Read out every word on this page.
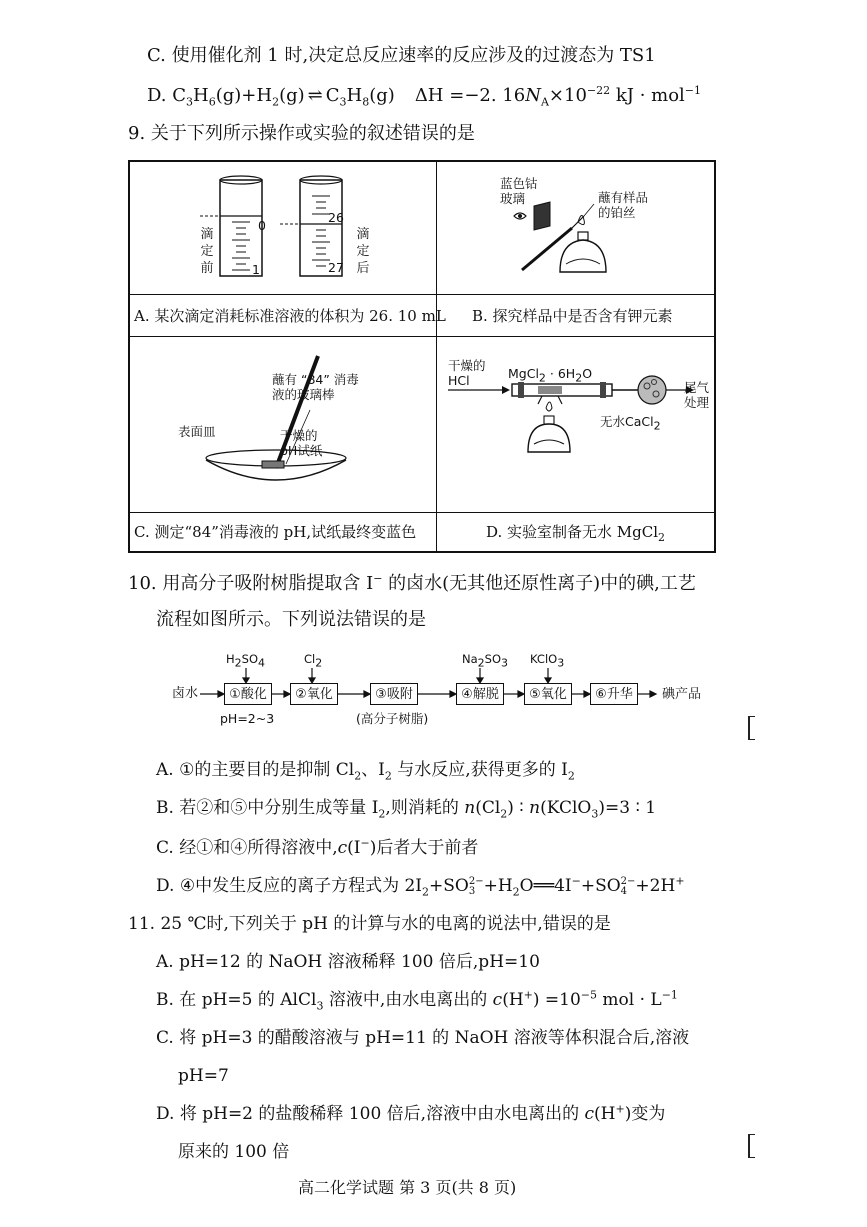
C. 使用催化剂 1 时,决定总反应速率的反应涉及的过渡态为 TS1
D. $C_3H_6(g)+H_2(g)$ ⇌ $C_3H_8(g)$ ΔH =−2. $16N_A\times 10^{-22}$ kJ · mol$^{-1}$
9. 关于下列所示操作或实验的叙述错误的是
0
1
26
27
滴定前
滴定后
A. 某次滴定消耗标准溶液的体积为 26. 10 mL
蓝色钴
玻璃	蘸有样品
的铂丝
B. 探究样品中是否含有钾元素
蘸有 “84” 消毒
液的玻璃棒
表面皿	干燥的
pH试纸
C. 测定“84”消毒液的 pH,试纸最终变蓝色
干燥的
HCl	MgCl$_2$ · $6H_2O$
尾气
处理
无水CaCl$_2$
D. 实验室制备无水 MgCl$_2$
10. 用高分子吸附树脂提取含 I− 的卤水(无其他还原性离子)中的碘,工艺
流程如图所示。下列说法错误的是
卤水
$H_2SO_4$	$Cl_2$	$Na_2SO_3$ KClO$_3$
①酸化	②氧化	③吸附	④解脱	⑤氧化	⑥升华	碘产品
pH=2~3	(高分子树脂)
A. ①的主要目的是抑制 $Cl_2$、$I_2$ 与水反应,获得更多的 $I_2$
B. 若②和⑤中分别生成等量 $I_2$,则消耗的 $n(Cl_2)$ ∶ n(KClO$_3$)=3 ∶ 1
C. 经①和④所得溶液中,c(I−)后者大于前者
D. ④中发生反应的离子方程式为 $2I_2+SO$ 2−
$3 +H_2O══4I^-+SO$ 2−
4 +2H+
11. 25 ℃时,下列关于 pH 的计算与水的电离的说法中,错误的是
A. pH=12 的 NaOH 溶液稀释 100 倍后,pH=10
B. 在 pH=5 的 AlCl$_3$ 溶液中,由水电离出的 $c(H^+) =10^{-5}$ mol · $L^{-1}$
C. 将 pH=3 的醋酸溶液与 pH=11 的 NaOH 溶液等体积混合后,溶液
pH=7
D. 将 pH=2 的盐酸稀释 100 倍后,溶液中由水电离出的 c(H+)变为
原来的 100 倍
高二化学试题 第 3 页(共 8 页)
